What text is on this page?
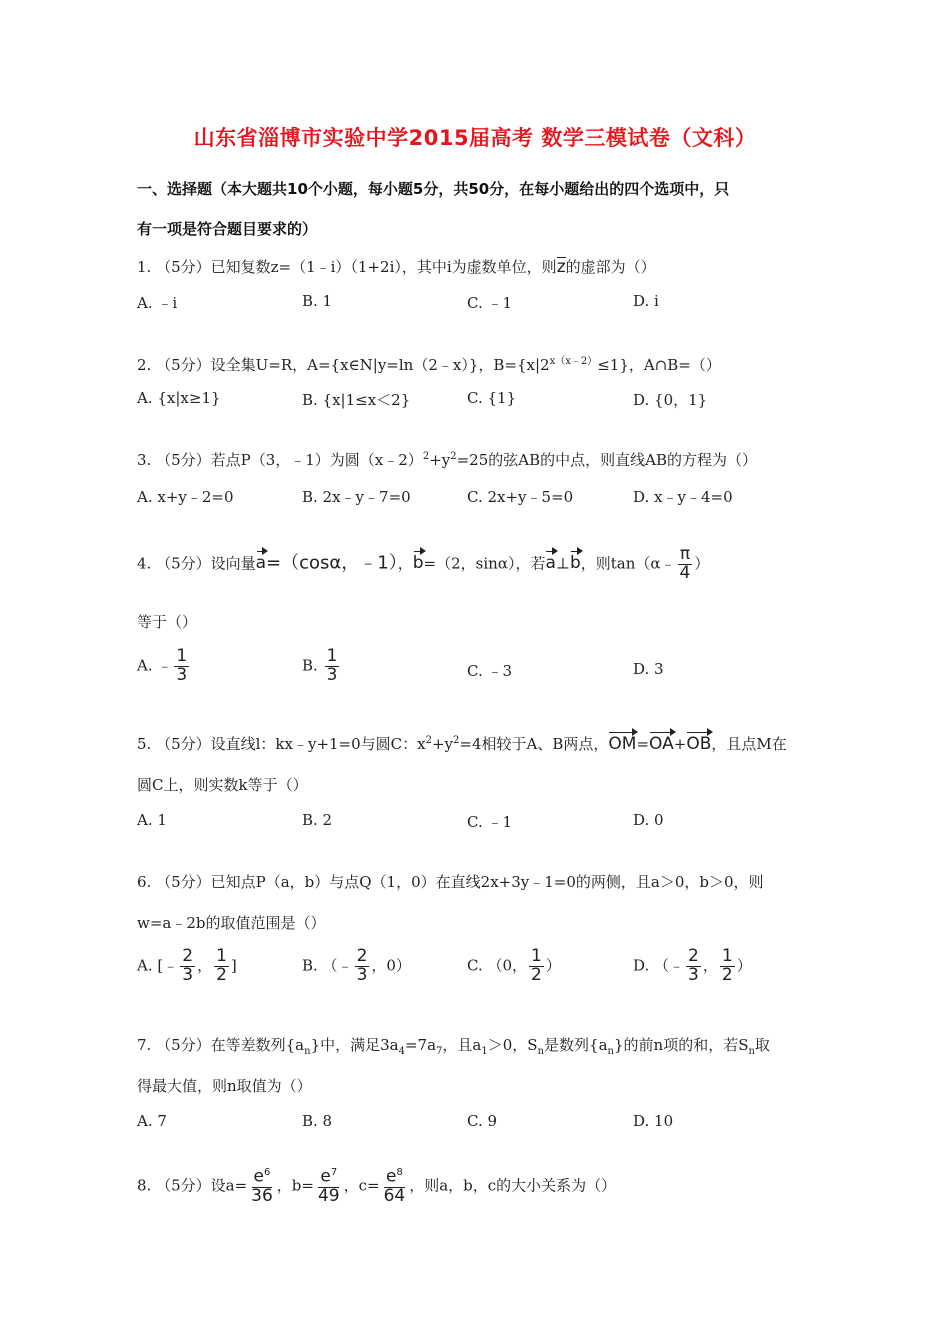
山东省淄博市实验中学2015届高考 数学三模试卷（文科）
一、选择题（本大题共10个小题，每小题5分，共50分，在每小题给出的四个选项中，只
有一项是符合题目要求的）
1. （5分）已知复数z=（1﹣i）（1+2i），其中i为虚数单位，则z的虚部为（）
A. ﹣i	B. 1	C. ﹣1	D. i
2. （5分）设全集U=R，A={x∈N|y=ln（2﹣x）}，$B=\{x|2^{x(x﹣2)}\le 1\}$，A∩B=（）
A. {x|x≥1}	B. {x|1≤x＜2}	C. {1}	D. {0，1}
3. （5分）若点P（3，﹣1）为圆$(x﹣2)^2+y^2=25$的弦AB的中点，则直线AB的方程为（）
A. x+y﹣2=0	B. 2x﹣y﹣7=0	C. 2x+y﹣5=0	D. x﹣y﹣4=0
4. （5分）设向量a=（cosα，﹣1），b=（2，sinα），若a⊥b，则tan（α﹣ $\frac{\pi}{4}$ ）
等于（）
A. ﹣ $\frac{1}{3}$	B. $\frac{1}{3}$	C. ﹣3	D. 3
5. （5分）设直线l：kx﹣y+1=0与圆C：$x^2+y^2=4$相较于A、B两点，OM=OA+OB，且点M在
圆C上，则实数k等于（）
A. 1	B. 2	C. ﹣1	D. 0
6. （5分）已知点P（a，b）与点Q（1，0）在直线2x+3y﹣1=0的两侧，且a＞0，b＞0，则
w=a﹣2b的取值范围是（）
A. [﹣ $\frac{2}{3}$ ， $\frac{1}{2}$ ]	B. （﹣ $\frac{2}{3}$ ，0）	C. （0， $\frac{1}{2}$ ）	D. （﹣ $\frac{2}{3}$ ， $\frac{1}{2}$ ）
7. （5分）在等差数列$\{a_n\}$中，满足$3a_4=7a_7$，且$a_1>0$，$S_n$是数列$\{a_n\}$的前n项的和，若$S_n$取
得最大值，则n取值为（）
A. 7	B. 8	C. 9	D. 10
8. （5分）设$a= \frac{e^6}{36}$ ，$b= \frac{e^7}{49}$ ，$c= \frac{e^8}{64}$ ，则a，b，c的大小关系为（）
